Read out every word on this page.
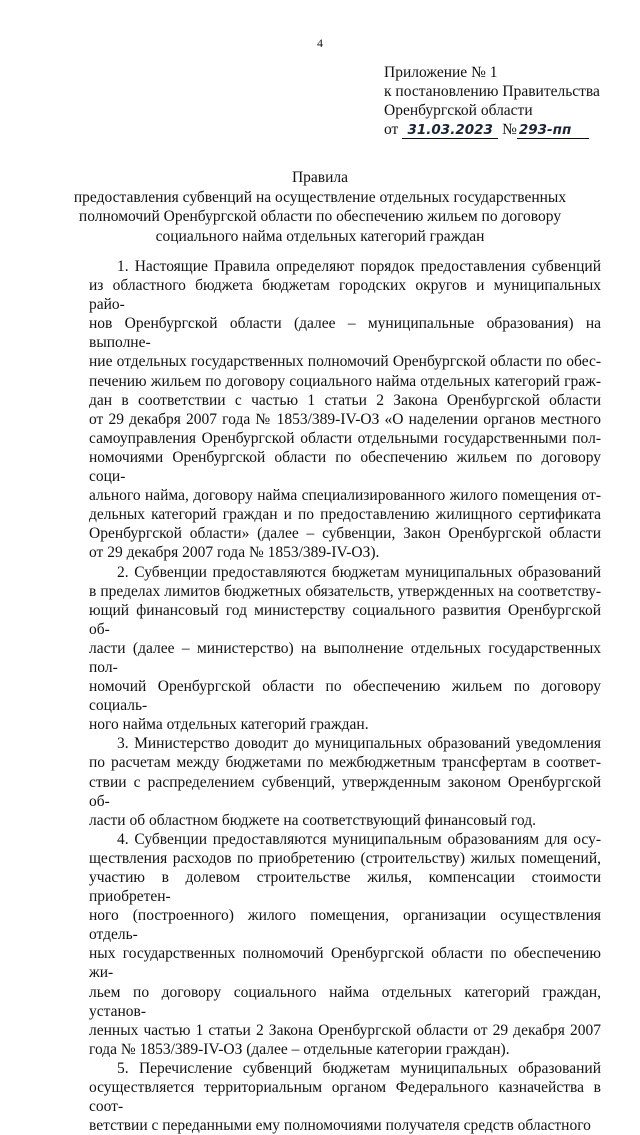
4
Приложение № 1
к постановлению Правительства
Оренбургской области
от 31.03.2023 № 293-пп
Правила
предоставления субвенций на осуществление отдельных государственных
полномочий Оренбургской области по обеспечению жильем по договору
социального найма отдельных категорий граждан

1. Настоящие Правила определяют порядок предоставления субвенций
из областного бюджета бюджетам городских округов и муниципальных райо-
нов Оренбургской области (далее – муниципальные образования) на выполне-
ние отдельных государственных полномочий Оренбургской области по обес-
печению жильем по договору социального найма отдельных категорий граж-
дан в соответствии с частью 1 статьи 2 Закона Оренбургской области
от 29 декабря 2007 года № 1853/389-IV-ОЗ «О наделении органов местного
самоуправления Оренбургской области отдельными государственными пол-
номочиями Оренбургской области по обеспечению жильем по договору соци-
ального найма, договору найма специализированного жилого помещения от-
дельных категорий граждан и по предоставлению жилищного сертификата
Оренбургской области» (далее – субвенции, Закон Оренбургской области
от 29 декабря 2007 года № 1853/389-IV-ОЗ).

2. Субвенции предоставляются бюджетам муниципальных образований
в пределах лимитов бюджетных обязательств, утвержденных на соответству-
ющий финансовый год министерству социального развития Оренбургской об-
ласти (далее – министерство) на выполнение отдельных государственных пол-
номочий Оренбургской области по обеспечению жильем по договору социаль-
ного найма отдельных категорий граждан.

3. Министерство доводит до муниципальных образований уведомления
по расчетам между бюджетами по межбюджетным трансфертам в соответ-
ствии с распределением субвенций, утвержденным законом Оренбургской об-
ласти об областном бюджете на соответствующий финансовый год.

4. Субвенции предоставляются муниципальным образованиям для осу-
ществления расходов по приобретению (строительству) жилых помещений,
участию в долевом строительстве жилья, компенсации стоимости приобретен-
ного (построенного) жилого помещения, организации осуществления отдель-
ных государственных полномочий Оренбургской области по обеспечению жи-
льем по договору социального найма отдельных категорий граждан, установ-
ленных частью 1 статьи 2 Закона Оренбургской области от 29 декабря 2007
года № 1853/389-IV-ОЗ (далее – отдельные категории граждан).

5. Перечисление субвенций бюджетам муниципальных образований
осуществляется территориальным органом Федерального казначейства в соот-
ветствии с переданными ему полномочиями получателя средств областного
